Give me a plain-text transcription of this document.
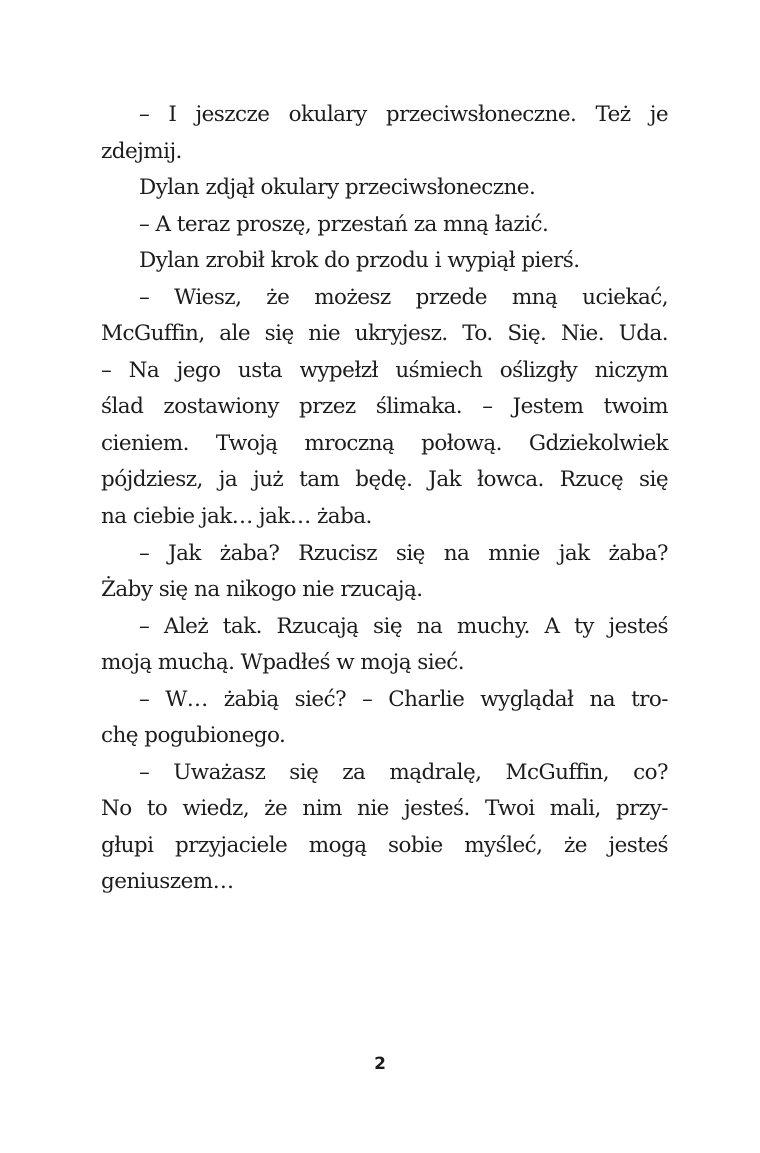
– I jeszcze okulary przeciwsłoneczne. Też je
zdejmij.
Dylan zdjął okulary przeciwsłoneczne.
– A teraz proszę, przestań za mną łazić.
Dylan zrobił krok do przodu i wypiął pierś.
– Wiesz, że możesz przede mną uciekać,
McGuffin, ale się nie ukryjesz. To. Się. Nie. Uda.
– Na jego usta wypełzł uśmiech oślizgły niczym
ślad zostawiony przez ślimaka. – Jestem twoim
cieniem. Twoją mroczną połową. Gdziekolwiek
pójdziesz, ja już tam będę. Jak łowca. Rzucę się
na ciebie jak… jak… żaba.
– Jak żaba? Rzucisz się na mnie jak żaba?
Żaby się na nikogo nie rzucają.
– Ależ tak. Rzucają się na muchy. A ty jesteś
moją muchą. Wpadłeś w moją sieć.
– W… żabią sieć? – Charlie wyglądał na tro-
chę pogubionego.
– Uważasz się za mądralę, McGuffin, co?
No to wiedz, że nim nie jesteś. Twoi mali, przy-
głupi przyjaciele mogą sobie myśleć, że jesteś
geniuszem…
2
